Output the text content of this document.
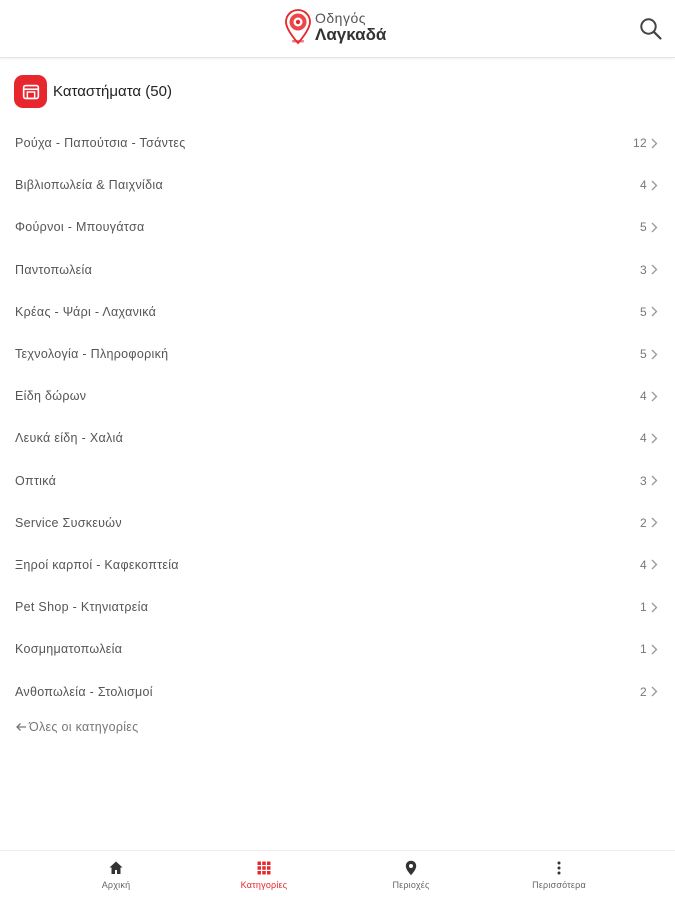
Οδηγός
Λαγκαδά
Καταστήματα (50)
Ρούχα - Παπούτσια - Τσάντες	12
Βιβλιοπωλεία & Παιχνίδια	4
Φούρνοι - Μπουγάτσα	5
Παντοπωλεία	3
Κρέας - Ψάρι - Λαχανικά	5
Τεχνολογία - Πληροφορική	5
Είδη δώρων	4
Λευκά είδη - Χαλιά	4
Οπτικά	3
Service Συσκευών	2
Ξηροί καρποί - Καφεκοπτεία	4
Pet Shop - Κτηνιατρεία	1
Κοσμηματοπωλεία	1
Ανθοπωλεία - Στολισμοί	2
Όλες οι κατηγορίες
Αρχική	Κατηγορίες	Περιοχές	Περισσότερα
